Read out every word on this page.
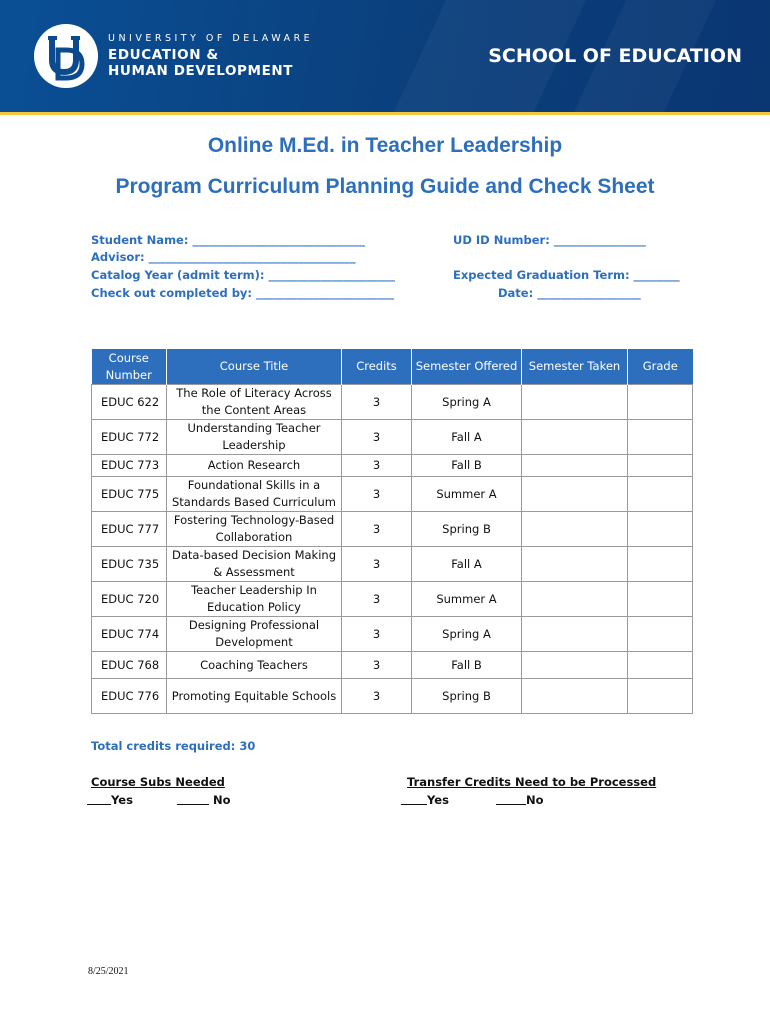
UNIVERSITY OF DELAWARE
EDUCATION &
HUMAN DEVELOPMENT
SCHOOL OF EDUCATION
Online M.Ed. in Teacher Leadership
Program Curriculum Planning Guide and Check Sheet
Student Name: ______________________________
Advisor: ____________________________________
Catalog Year (admit term): ______________________
Check out completed by: ________________________
UD ID Number: ________________
Expected Graduation Term: ________
Date: __________________
Course Number	Course Title	Credits	Semester Offered	Semester Taken	Grade
EDUC 622	The Role of Literacy Across the Content Areas	3	Spring A		
EDUC 772	Understanding Teacher Leadership	3	Fall A		
EDUC 773	Action Research	3	Fall B		
EDUC 775	Foundational Skills in a Standards Based Curriculum	3	Summer A		
EDUC 777	Fostering Technology-Based Collaboration	3	Spring B		
EDUC 735	Data-based Decision Making & Assessment	3	Fall A		
EDUC 720	Teacher Leadership In Education Policy	3	Summer A		
EDUC 774	Designing Professional Development	3	Spring A		
EDUC 768	Coaching Teachers	3	Fall B		
EDUC 776	Promoting Equitable Schools	3	Spring B		
Total credits required: 30
Course Subs Needed
Yes	No
Transfer Credits Need to be Processed
Yes	No
8/25/2021
